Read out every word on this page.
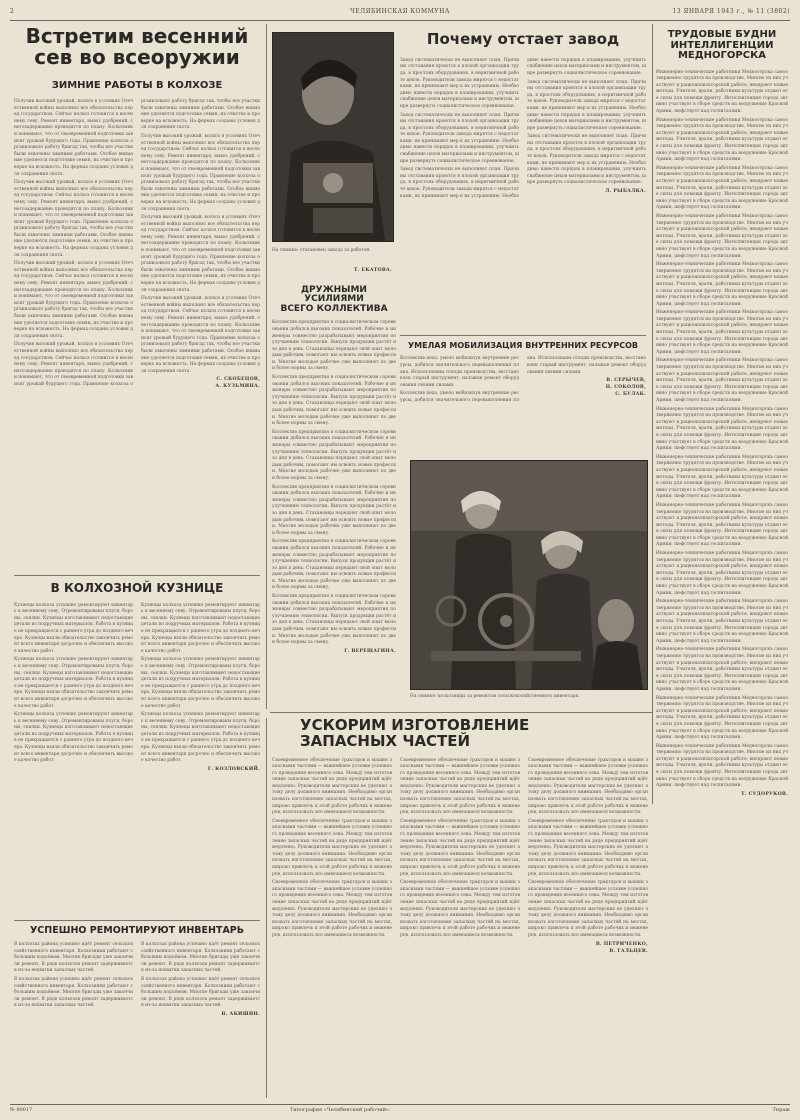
2	ЧЕЛЯБИНСКАЯ КОММУНА	13 ЯНВАРЯ 1943 г., № 11 (3802)
Встретим весенний
сев во всеоружии
ЗИМНИЕ РАБОТЫ В КОЛХОЗЕ

Получив высокий урожай, колхоз в условиях Отечественной войны выполнил все обязательства перед государством. Сейчас колхоз готовится к весеннему севу. Ремонт инвентаря, вывоз удобрений, снегозадержание проводятся по плану. Колхозники понимают, что от своевременной подготовки зависит урожай будущего года. Правление колхоза организовало работу бригад так, чтобы все участки были охвачены зимними работами. Особое внимание уделяется подготовке семян, их очистке и проверке на всхожесть. На фермах созданы условия для сохранения скота.

Получив высокий урожай, колхоз в условиях Отечественной войны выполнил все обязательства перед государством. Сейчас колхоз готовится к весеннему севу. Ремонт инвентаря, вывоз удобрений, снегозадержание проводятся по плану. Колхозники понимают, что от своевременной подготовки зависит урожай будущего года. Правление колхоза организовало работу бригад так, чтобы все участки были охвачены зимними работами. Особое внимание уделяется подготовке семян, их очистке и проверке на всхожесть. На фермах созданы условия для сохранения скота.

Получив высокий урожай, колхоз в условиях Отечественной войны выполнил все обязательства перед государством. Сейчас колхоз готовится к весеннему севу. Ремонт инвентаря, вывоз удобрений, снегозадержание проводятся по плану. Колхозники понимают, что от своевременной подготовки зависит урожай будущего года. Правление колхоза организовало работу бригад так, чтобы все участки были охвачены зимними работами. Особое внимание уделяется подготовке семян, их очистке и проверке на всхожесть. На фермах созданы условия для сохранения скота.

Получив высокий урожай, колхоз в условиях Отечественной войны выполнил все обязательства перед государством. Сейчас колхоз готовится к весеннему севу. Ремонт инвентаря, вывоз удобрений, снегозадержание проводятся по плану. Колхозники понимают, что от своевременной подготовки зависит урожай будущего года. Правление колхоза организовало работу бригад так, чтобы все участки были охвачены зимними работами. Особое внимание уделяется подготовке семян, их очистке и проверке на всхожесть. На фермах созданы условия для сохранения скота.

Получив высокий урожай, колхоз в условиях Отечественной войны выполнил все обязательства перед государством. Сейчас колхоз готовится к весеннему севу. Ремонт инвентаря, вывоз удобрений, снегозадержание проводятся по плану. Колхозники понимают, что от своевременной подготовки зависит урожай будущего года. Правление колхоза организовало работу бригад так, чтобы все участки были охвачены зимними работами. Особое внимание уделяется подготовке семян, их очистке и проверке на всхожесть. На фермах созданы условия для сохранения скота.

Получив высокий урожай, колхоз в условиях Отечественной войны выполнил все обязательства перед государством. Сейчас колхоз готовится к весеннему севу. Ремонт инвентаря, вывоз удобрений, снегозадержание проводятся по плану. Колхозники понимают, что от своевременной подготовки зависит урожай будущего года. Правление колхоза организовало работу бригад так, чтобы все участки были охвачены зимними работами. Особое внимание уделяется подготовке семян, их очистке и проверке на всхожесть. На фермах созданы условия для сохранения скота.

Получив высокий урожай, колхоз в условиях Отечественной войны выполнил все обязательства перед государством. Сейчас колхоз готовится к весеннему севу. Ремонт инвентаря, вывоз удобрений, снегозадержание проводятся по плану. Колхозники понимают, что от своевременной подготовки зависит урожай будущего года. Правление колхоза организовало работу бригад так, чтобы все участки были охвачены зимними работами. Особое внимание уделяется подготовке семян, их очистке и проверке на всхожесть. На фермах созданы условия для сохранения скота.

С. СКОБЕЦОВ,

А. КУЗЬМИНА.

В КОЛХОЗНОЙ КУЗНИЦЕ

Кузнецы колхоза успешно ремонтируют инвентарь к весеннему севу. Отремонтированы плуги, бороны, сеялки. Кузнецы изготавливают недостающие детали из подручных материалов. Работа в кузнице не прекращается с раннего утра до позднего вечера. Кузнецы взяли обязательство закончить ремонт всего инвентаря досрочно и обеспечить высокое качество работ.

Кузнецы колхоза успешно ремонтируют инвентарь к весеннему севу. Отремонтированы плуги, бороны, сеялки. Кузнецы изготавливают недостающие детали из подручных материалов. Работа в кузнице не прекращается с раннего утра до позднего вечера. Кузнецы взяли обязательство закончить ремонт всего инвентаря досрочно и обеспечить высокое качество работ.

Кузнецы колхоза успешно ремонтируют инвентарь к весеннему севу. Отремонтированы плуги, бороны, сеялки. Кузнецы изготавливают недостающие детали из подручных материалов. Работа в кузнице не прекращается с раннего утра до позднего вечера. Кузнецы взяли обязательство закончить ремонт всего инвентаря досрочно и обеспечить высокое качество работ.

Кузнецы колхоза успешно ремонтируют инвентарь к весеннему севу. Отремонтированы плуги, бороны, сеялки. Кузнецы изготавливают недостающие детали из подручных материалов. Работа в кузнице не прекращается с раннего утра до позднего вечера. Кузнецы взяли обязательство закончить ремонт всего инвентаря досрочно и обеспечить высокое качество работ.

Кузнецы колхоза успешно ремонтируют инвентарь к весеннему севу. Отремонтированы плуги, бороны, сеялки. Кузнецы изготавливают недостающие детали из подручных материалов. Работа в кузнице не прекращается с раннего утра до позднего вечера. Кузнецы взяли обязательство закончить ремонт всего инвентаря досрочно и обеспечить высокое качество работ.

Кузнецы колхоза успешно ремонтируют инвентарь к весеннему севу. Отремонтированы плуги, бороны, сеялки. Кузнецы изготавливают недостающие детали из подручных материалов. Работа в кузнице не прекращается с раннего утра до позднего вечера. Кузнецы взяли обязательство закончить ремонт всего инвентаря досрочно и обеспечить высокое качество работ.

Г. КОЗЛОВСКИЙ.

УСПЕШНО РЕМОНТИРУЮТ ИНВЕНТАРЬ

В колхозах района успешно идёт ремонт сельскохозяйственного инвентаря. Колхозники работают с большим подъёмом. Многие бригады уже закончили ремонт. В ряде колхозов ремонт задерживается из-за нехватки запасных частей.

В колхозах района успешно идёт ремонт сельскохозяйственного инвентаря. Колхозники работают с большим подъёмом. Многие бригады уже закончили ремонт. В ряде колхозов ремонт задерживается из-за нехватки запасных частей.

В колхозах района успешно идёт ремонт сельскохозяйственного инвентаря. Колхозники работают с большим подъёмом. Многие бригады уже закончили ремонт. В ряде колхозов ремонт задерживается из-за нехватки запасных частей.

В колхозах района успешно идёт ремонт сельскохозяйственного инвентаря. Колхозники работают с большим подъёмом. Многие бригады уже закончили ремонт. В ряде колхозов ремонт задерживается из-за нехватки запасных частей.

В. АКИШИН.

На снимке: стахановец завода за работой.

Т. ЕКАТОВА.

ДРУЖНЫМИ УСИЛИЯМИ
ВСЕГО КОЛЛЕКТИВА

Коллектив предприятия в социалистическом соревновании добился высоких показателей. Рабочие и инженеры совместно разрабатывают мероприятия по улучшению технологии. Выпуск продукции растёт изо дня в день. Стахановцы передают свой опыт молодым рабочим, помогают им освоить новые профессии. Многие молодые рабочие уже выполняют по две и более нормы за смену.

Коллектив предприятия в социалистическом соревновании добился высоких показателей. Рабочие и инженеры совместно разрабатывают мероприятия по улучшению технологии. Выпуск продукции растёт изо дня в день. Стахановцы передают свой опыт молодым рабочим, помогают им освоить новые профессии. Многие молодые рабочие уже выполняют по две и более нормы за смену.

Коллектив предприятия в социалистическом соревновании добился высоких показателей. Рабочие и инженеры совместно разрабатывают мероприятия по улучшению технологии. Выпуск продукции растёт изо дня в день. Стахановцы передают свой опыт молодым рабочим, помогают им освоить новые профессии. Многие молодые рабочие уже выполняют по две и более нормы за смену.

Коллектив предприятия в социалистическом соревновании добился высоких показателей. Рабочие и инженеры совместно разрабатывают мероприятия по улучшению технологии. Выпуск продукции растёт изо дня в день. Стахановцы передают свой опыт молодым рабочим, помогают им освоить новые профессии. Многие молодые рабочие уже выполняют по две и более нормы за смену.

Коллектив предприятия в социалистическом соревновании добился высоких показателей. Рабочие и инженеры совместно разрабатывают мероприятия по улучшению технологии. Выпуск продукции растёт изо дня в день. Стахановцы передают свой опыт молодым рабочим, помогают им освоить новые профессии. Многие молодые рабочие уже выполняют по две и более нормы за смену.

Коллектив предприятия в социалистическом соревновании добился высоких показателей. Рабочие и инженеры совместно разрабатывают мероприятия по улучшению технологии. Выпуск продукции растёт изо дня в день. Стахановцы передают свой опыт молодым рабочим, помогают им освоить новые профессии. Многие молодые рабочие уже выполняют по две и более нормы за смену.

Г. ВЕРЕЩАГИНА.

Почему отстает завод

Завод систематически не выполняет план. Причины отставания кроются в плохой организации труда, в простоях оборудования, в неритмичной работе цехов. Руководители завода мирятся с недостатками, не принимают мер к их устранению. Необходимо навести порядок в планировании, улучшить снабжение цехов материалами и инструментом, шире развернуть социалистическое соревнование.

Завод систематически не выполняет план. Причины отставания кроются в плохой организации труда, в простоях оборудования, в неритмичной работе цехов. Руководители завода мирятся с недостатками, не принимают мер к их устранению. Необходимо навести порядок в планировании, улучшить снабжение цехов материалами и инструментом, шире развернуть социалистическое соревнование.

Завод систематически не выполняет план. Причины отставания кроются в плохой организации труда, в простоях оборудования, в неритмичной работе цехов. Руководители завода мирятся с недостатками, не принимают мер к их устранению. Необходимо навести порядок в планировании, улучшить снабжение цехов материалами и инструментом, шире развернуть социалистическое соревнование.

Завод систематически не выполняет план. Причины отставания кроются в плохой организации труда, в простоях оборудования, в неритмичной работе цехов. Руководители завода мирятся с недостатками, не принимают мер к их устранению. Необходимо навести порядок в планировании, улучшить снабжение цехов материалами и инструментом, шире развернуть социалистическое соревнование.

Завод систематически не выполняет план. Причины отставания кроются в плохой организации труда, в простоях оборудования, в неритмичной работе цехов. Руководители завода мирятся с недостатками, не принимают мер к их устранению. Необходимо навести порядок в планировании, улучшить снабжение цехов материалами и инструментом, шире развернуть социалистическое соревнование.

Л. РЫБАЛКА.

УМЕЛАЯ МОБИЛИЗАЦИЯ ВНУТРЕННИХ РЕСУРСОВ

Коллектив цеха, умело мобилизуя внутренние ресурсы, добился значительного перевыполнения плана. Использованы отходы производства, восстановлен старый инструмент, налажен ремонт оборудования своими силами.

Коллектив цеха, умело мобилизуя внутренние ресурсы, добился значительного перевыполнения плана. Использованы отходы производства, восстановлен старый инструмент, налажен ремонт оборудования своими силами.

В. СЕРЫЧЕВ,

Н. СОКОЛОВ,

С. БУЛАК.

На снимке: колхозницы за ремонтом сельскохозяйственного инвентаря.

УСКОРИМ ИЗГОТОВЛЕНИЕ
ЗАПАСНЫХ ЧАСТЕЙ

Своевременное обеспечение тракторов и машин запасными частями — важнейшее условие успешного проведения весеннего сева. Между тем изготовление запасных частей на ряде предприятий идёт медленно. Руководители мастерских не уделяют этому делу должного внимания. Необходимо организовать изготовление запасных частей на местах, широко привлечь к этой работе рабочих и инженеров, использовать все имеющиеся возможности.

Своевременное обеспечение тракторов и машин запасными частями — важнейшее условие успешного проведения весеннего сева. Между тем изготовление запасных частей на ряде предприятий идёт медленно. Руководители мастерских не уделяют этому делу должного внимания. Необходимо организовать изготовление запасных частей на местах, широко привлечь к этой работе рабочих и инженеров, использовать все имеющиеся возможности.

Своевременное обеспечение тракторов и машин запасными частями — важнейшее условие успешного проведения весеннего сева. Между тем изготовление запасных частей на ряде предприятий идёт медленно. Руководители мастерских не уделяют этому делу должного внимания. Необходимо организовать изготовление запасных частей на местах, широко привлечь к этой работе рабочих и инженеров, использовать все имеющиеся возможности.

Своевременное обеспечение тракторов и машин запасными частями — важнейшее условие успешного проведения весеннего сева. Между тем изготовление запасных частей на ряде предприятий идёт медленно. Руководители мастерских не уделяют этому делу должного внимания. Необходимо организовать изготовление запасных частей на местах, широко привлечь к этой работе рабочих и инженеров, использовать все имеющиеся возможности.

Своевременное обеспечение тракторов и машин запасными частями — важнейшее условие успешного проведения весеннего сева. Между тем изготовление запасных частей на ряде предприятий идёт медленно. Руководители мастерских не уделяют этому делу должного внимания. Необходимо организовать изготовление запасных частей на местах, широко привлечь к этой работе рабочих и инженеров, использовать все имеющиеся возможности.

Своевременное обеспечение тракторов и машин запасными частями — важнейшее условие успешного проведения весеннего сева. Между тем изготовление запасных частей на ряде предприятий идёт медленно. Руководители мастерских не уделяют этому делу должного внимания. Необходимо организовать изготовление запасных частей на местах, широко привлечь к этой работе рабочих и инженеров, использовать все имеющиеся возможности.

Своевременное обеспечение тракторов и машин запасными частями — важнейшее условие успешного проведения весеннего сева. Между тем изготовление запасных частей на ряде предприятий идёт медленно. Руководители мастерских не уделяют этому делу должного внимания. Необходимо организовать изготовление запасных частей на местах, широко привлечь к этой работе рабочих и инженеров, использовать все имеющиеся возможности.

Своевременное обеспечение тракторов и машин запасными частями — важнейшее условие успешного проведения весеннего сева. Между тем изготовление запасных частей на ряде предприятий идёт медленно. Руководители мастерских не уделяют этому делу должного внимания. Необходимо организовать изготовление запасных частей на местах, широко привлечь к этой работе рабочих и инженеров, использовать все имеющиеся возможности.

Своевременное обеспечение тракторов и машин запасными частями — важнейшее условие успешного проведения весеннего сева. Между тем изготовление запасных частей на ряде предприятий идёт медленно. Руководители мастерских не уделяют этому делу должного внимания. Необходимо организовать изготовление запасных частей на местах, широко привлечь к этой работе рабочих и инженеров, использовать все имеющиеся возможности.

В. ПЕТРИЧЕНКО,

В. ГАЛЬЦЕВ.

ТРУДОВЫЕ БУДНИ
ИНТЕЛЛИГЕНЦИИ
МЕДНОГОРСКА

Инженерно-технические работники Медногорска самоотверженно трудятся на производстве. Многие из них участвуют в рационализаторской работе, внедряют новые методы. Учителя, врачи, работники культуры отдают все силы для помощи фронту. Интеллигенция города активно участвует в сборе средств на вооружение Красной Армии, шефствует над госпиталями.

Инженерно-технические работники Медногорска самоотверженно трудятся на производстве. Многие из них участвуют в рационализаторской работе, внедряют новые методы. Учителя, врачи, работники культуры отдают все силы для помощи фронту. Интеллигенция города активно участвует в сборе средств на вооружение Красной Армии, шефствует над госпиталями.

Инженерно-технические работники Медногорска самоотверженно трудятся на производстве. Многие из них участвуют в рационализаторской работе, внедряют новые методы. Учителя, врачи, работники культуры отдают все силы для помощи фронту. Интеллигенция города активно участвует в сборе средств на вооружение Красной Армии, шефствует над госпиталями.

Инженерно-технические работники Медногорска самоотверженно трудятся на производстве. Многие из них участвуют в рационализаторской работе, внедряют новые методы. Учителя, врачи, работники культуры отдают все силы для помощи фронту. Интеллигенция города активно участвует в сборе средств на вооружение Красной Армии, шефствует над госпиталями.

Инженерно-технические работники Медногорска самоотверженно трудятся на производстве. Многие из них участвуют в рационализаторской работе, внедряют новые методы. Учителя, врачи, работники культуры отдают все силы для помощи фронту. Интеллигенция города активно участвует в сборе средств на вооружение Красной Армии, шефствует над госпиталями.

Инженерно-технические работники Медногорска самоотверженно трудятся на производстве. Многие из них участвуют в рационализаторской работе, внедряют новые методы. Учителя, врачи, работники культуры отдают все силы для помощи фронту. Интеллигенция города активно участвует в сборе средств на вооружение Красной Армии, шефствует над госпиталями.

Инженерно-технические работники Медногорска самоотверженно трудятся на производстве. Многие из них участвуют в рационализаторской работе, внедряют новые методы. Учителя, врачи, работники культуры отдают все силы для помощи фронту. Интеллигенция города активно участвует в сборе средств на вооружение Красной Армии, шефствует над госпиталями.

Инженерно-технические работники Медногорска самоотверженно трудятся на производстве. Многие из них участвуют в рационализаторской работе, внедряют новые методы. Учителя, врачи, работники культуры отдают все силы для помощи фронту. Интеллигенция города активно участвует в сборе средств на вооружение Красной Армии, шефствует над госпиталями.

Инженерно-технические работники Медногорска самоотверженно трудятся на производстве. Многие из них участвуют в рационализаторской работе, внедряют новые методы. Учителя, врачи, работники культуры отдают все силы для помощи фронту. Интеллигенция города активно участвует в сборе средств на вооружение Красной Армии, шефствует над госпиталями.

Инженерно-технические работники Медногорска самоотверженно трудятся на производстве. Многие из них участвуют в рационализаторской работе, внедряют новые методы. Учителя, врачи, работники культуры отдают все силы для помощи фронту. Интеллигенция города активно участвует в сборе средств на вооружение Красной Армии, шефствует над госпиталями.

Инженерно-технические работники Медногорска самоотверженно трудятся на производстве. Многие из них участвуют в рационализаторской работе, внедряют новые методы. Учителя, врачи, работники культуры отдают все силы для помощи фронту. Интеллигенция города активно участвует в сборе средств на вооружение Красной Армии, шефствует над госпиталями.

Инженерно-технические работники Медногорска самоотверженно трудятся на производстве. Многие из них участвуют в рационализаторской работе, внедряют новые методы. Учителя, врачи, работники культуры отдают все силы для помощи фронту. Интеллигенция города активно участвует в сборе средств на вооружение Красной Армии, шефствует над госпиталями.

Инженерно-технические работники Медногорска самоотверженно трудятся на производстве. Многие из них участвуют в рационализаторской работе, внедряют новые методы. Учителя, врачи, работники культуры отдают все силы для помощи фронту. Интеллигенция города активно участвует в сборе средств на вооружение Красной Армии, шефствует над госпиталями.

Инженерно-технические работники Медногорска самоотверженно трудятся на производстве. Многие из них участвуют в рационализаторской работе, внедряют новые методы. Учителя, врачи, работники культуры отдают все силы для помощи фронту. Интеллигенция города активно участвует в сборе средств на вооружение Красной Армии, шефствует над госпиталями.

Инженерно-технические работники Медногорска самоотверженно трудятся на производстве. Многие из них участвуют в рационализаторской работе, внедряют новые методы. Учителя, врачи, работники культуры отдают все силы для помощи фронту. Интеллигенция города активно участвует в сборе средств на вооружение Красной Армии, шефствует над госпиталями.

Т. СУДОРУКОВ.

№ 80017	Типография «Челябинский рабочий».	Тираж
